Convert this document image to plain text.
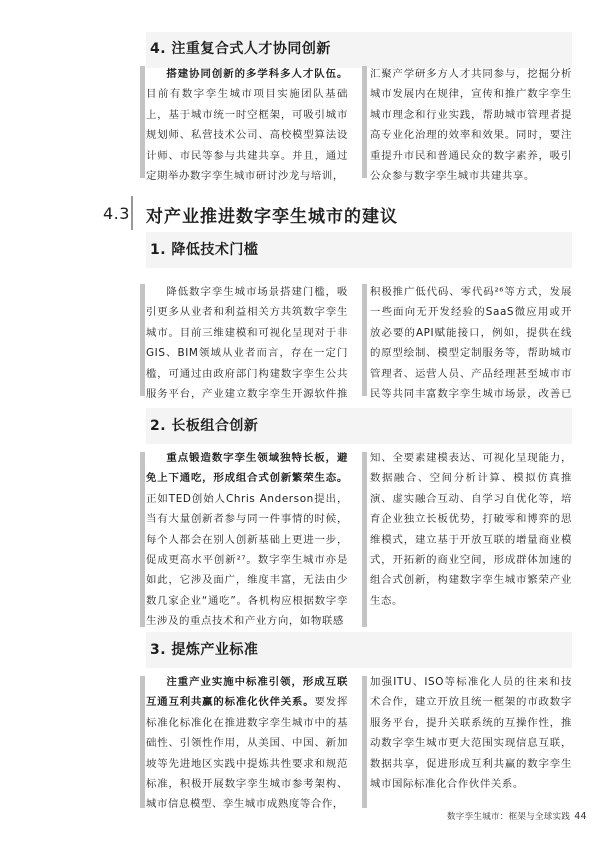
4. 注重复合式人才协同创新
搭建协同创新的多学科多人才队伍。目前有数字孪生城市项目实施团队基础上，基于城市统一时空框架，可吸引城市规划师、私营技术公司、高校模型算法设计师、市民等参与共建共享。并且，通过定期举办数字孪生城市研讨沙龙与培训，
汇聚产学研多方人才共同参与，挖掘分析城市发展内在规律，宣传和推广数字孪生城市理念和行业实践，帮助城市管理者提高专业化治理的效率和效果。同时，要注重提升市民和普通民众的数字素养，吸引公众参与数字孪生城市共建共享。
4.3 对产业推进数字孪生城市的建议
1. 降低技术门槛
降低数字孪生城市场景搭建门槛，吸引更多从业者和利益相关方共筑数字孪生城市。目前三维建模和可视化呈现对于非GIS、BIM领域从业者而言，存在一定门槛，可通过由政府部门构建数字孪生公共服务平台，产业建立数字孪生开源软件推
积极推广低代码、零代码²⁶等方式，发展一些面向无开发经验的SaaS微应用或开放必要的API赋能接口，例如，提供在线的原型绘制、模型定制服务等，帮助城市管理者、运营人员、产品经理甚至城市市民等共同丰富数字孪生城市场景，改善已
2. 长板组合创新
重点锻造数字孪生领域独特长板，避免上下通吃，形成组合式创新繁荣生态。正如TED创始人Chris Anderson提出，当有大量创新者参与同一件事情的时候，每个人都会在别人创新基础上更进一步，促成更高水平创新²⁷。数字孪生城市亦是如此，它涉及面广，维度丰富，无法由少数几家企业“通吃”。各机构应根据数字孪生涉及的重点技术和产业方向，如物联感
知、全要素建模表达、可视化呈现能力，数据融合、空间分析计算、模拟仿真推演、虚实融合互动、自学习自优化等，培育企业独立长板优势，打破零和博弈的思维模式，建立基于开放互联的增量商业模式，开拓新的商业空间，形成群体加速的组合式创新，构建数字孪生城市繁荣产业生态。
3. 提炼产业标准
注重产业实施中标准引领，形成互联互通互利共赢的标准化伙伴关系。要发挥标准化标准化在推进数字孪生城市中的基础性、引领性作用，从美国、中国、新加坡等先进地区实践中提炼共性要求和规范标准，积极开展数字孪生城市参考架构、城市信息模型、孪生城市成熟度等合作，
加强ITU、ISO等标准化人员的往来和技术合作，建立开放且统一框架的市政数字服务平台，提升关联系统的互操作性，推动数字孪生城市更大范围实现信息互联，数据共享，促进形成互利共赢的数字孪生城市国际标准化合作伙伴关系。
数字孪生城市：框架与全球实践 44
